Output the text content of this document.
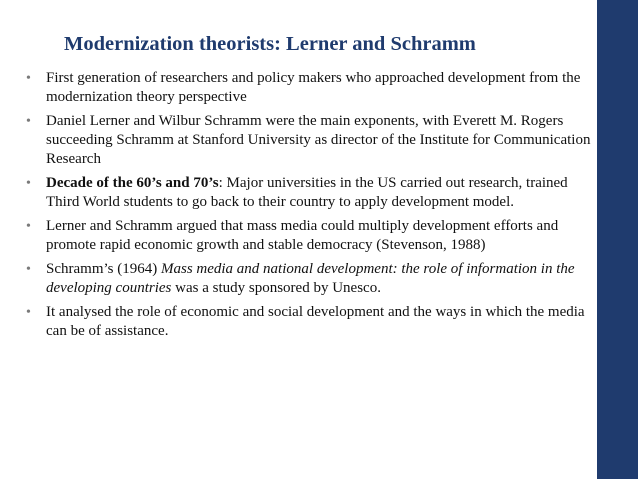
Modernization theorists: Lerner and Schramm
• First generation of researchers and policy makers who approached development from the modernization theory perspective
• Daniel Lerner and Wilbur Schramm were the main exponents, with Everett M. Rogers succeeding Schramm at Stanford University as director of the Institute for Communication Research
• Decade of the 60’s and 70’s: Major universities in the US carried out research, trained Third World students to go back to their country to apply development model.
• Lerner and Schramm argued that mass media could multiply development efforts and promote rapid economic growth and stable democracy (Stevenson, 1988)
• Schramm’s (1964) Mass media and national development: the role of information in the developing countries was a study sponsored by Unesco.
• It analysed the role of economic and social development and the ways in which the media can be of assistance.
